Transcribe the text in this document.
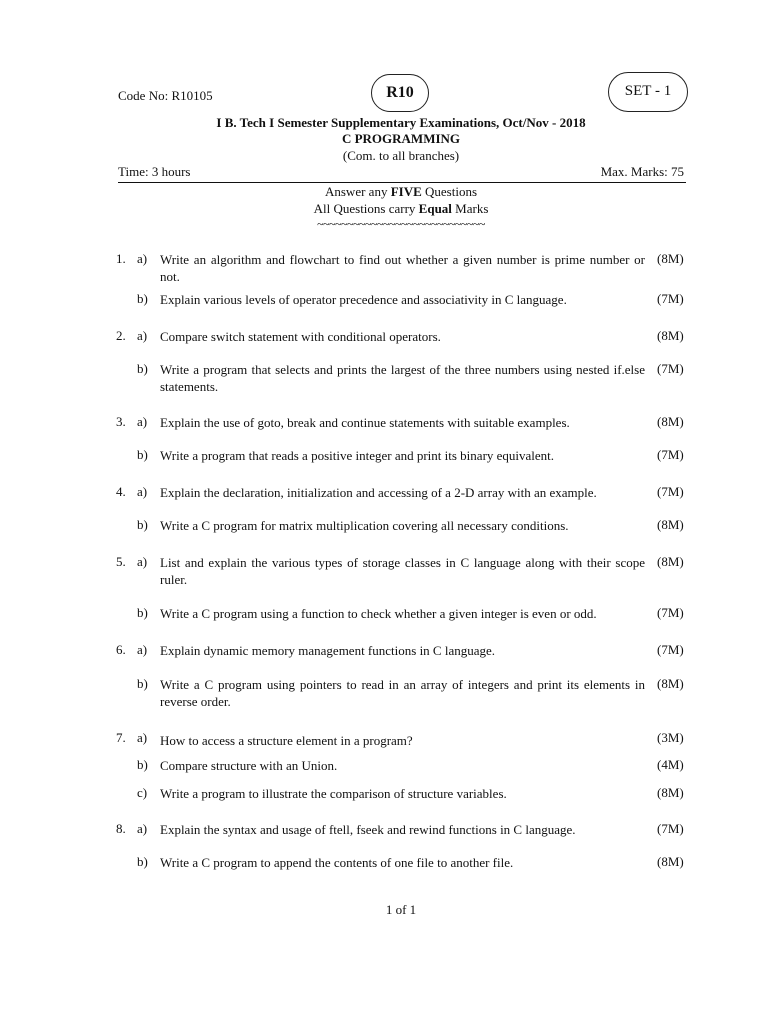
Code No: R10105	R10	SET - 1
I B. Tech I Semester Supplementary Examinations, Oct/Nov - 2018
C PROGRAMMING
(Com. to all branches)
Time: 3 hours	Max. Marks: 75
Answer any FIVE Questions
All Questions carry Equal Marks
~~~~~~~~~~~~~~~~~~~~~~~~~~~~
1. a) Write an algorithm and flowchart to find out whether a given number is prime number or not.
(8M)
b) Explain various levels of operator precedence and associativity in C language.	(7M)
2. a) Compare switch statement with conditional operators.	(8M)
b) Write a program that selects and prints the largest of the three numbers using nested if.else statements.
(7M)
3. a) Explain the use of goto, break and continue statements with suitable examples.	(8M)
b) Write a program that reads a positive integer and print its binary equivalent.	(7M)
4. a) Explain the declaration, initialization and accessing of a 2-D array with an example.	(7M)
b) Write a C program for matrix multiplication covering all necessary conditions.	(8M)
5. a) List and explain the various types of storage classes in C language along with their scope ruler.
(8M)
b) Write a C program using a function to check whether a given integer is even or odd.	(7M)
6. a) Explain dynamic memory management functions in C language.	(7M)
b) Write a C program using pointers to read in an array of integers and print its elements in reverse order.
(8M)
7. a) How to access a structure element in a program?	(3M)
b) Compare structure with an Union.	(4M)
c) Write a program to illustrate the comparison of structure variables.	(8M)
8. a) Explain the syntax and usage of ftell, fseek and rewind functions in C language.	(7M)
b) Write a C program to append the contents of one file to another file.	(8M)
1 of 1
